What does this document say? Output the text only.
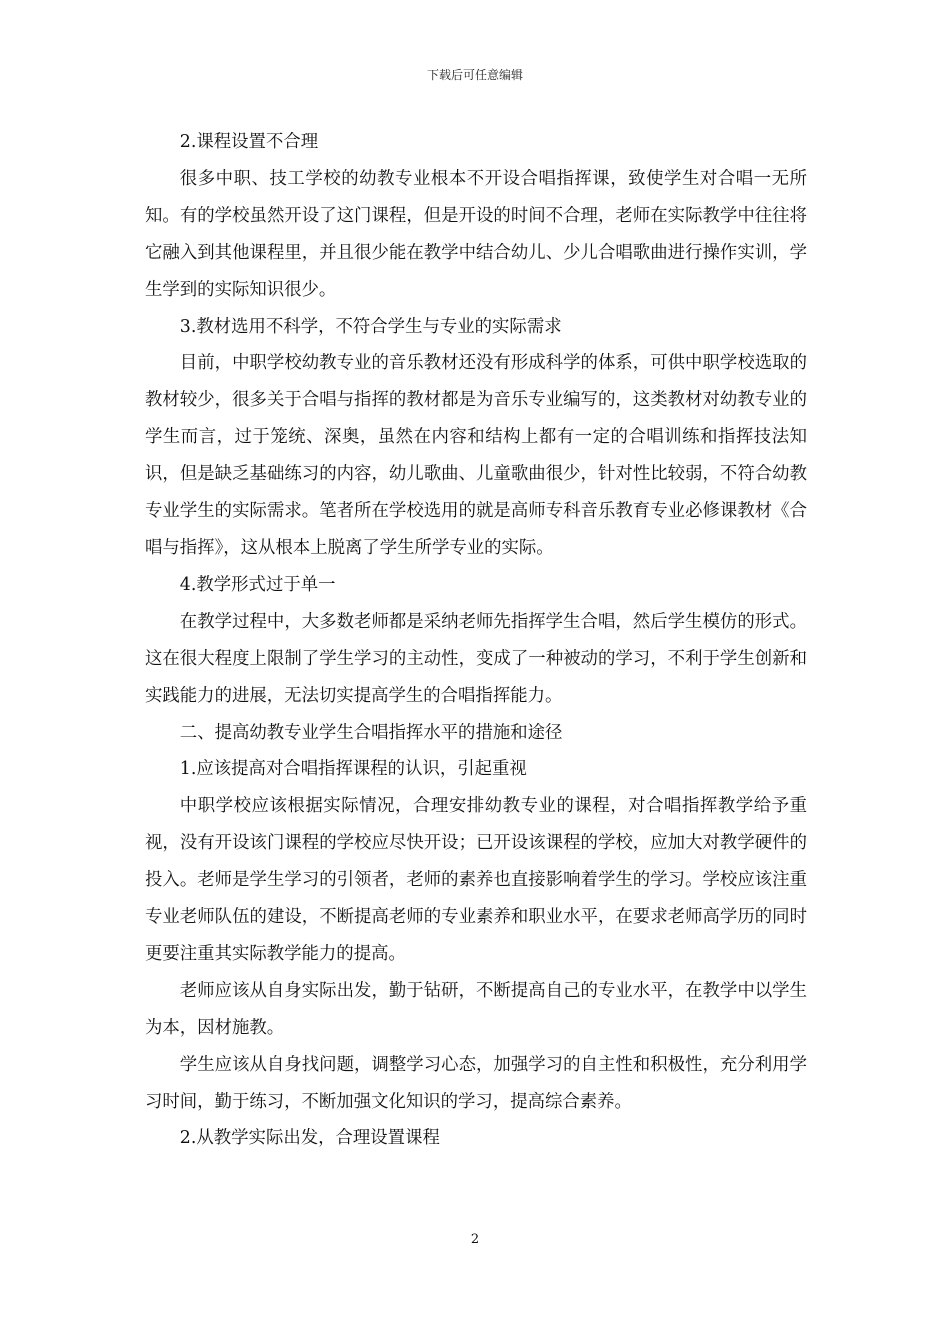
下载后可任意编辑

2.课程设置不合理

很多中职、技工学校的幼教专业根本不开设合唱指挥课，致使学生对合唱一无所知。有的学校虽然开设了这门课程，但是开设的时间不合理，老师在实际教学中往往将它融入到其他课程里，并且很少能在教学中结合幼儿、少儿合唱歌曲进行操作实训，学生学到的实际知识很少。

3.教材选用不科学，不符合学生与专业的实际需求

目前，中职学校幼教专业的音乐教材还没有形成科学的体系，可供中职学校选取的教材较少，很多关于合唱与指挥的教材都是为音乐专业编写的，这类教材对幼教专业的学生而言，过于笼统、深奥，虽然在内容和结构上都有一定的合唱训练和指挥技法知识，但是缺乏基础练习的内容，幼儿歌曲、儿童歌曲很少，针对性比较弱，不符合幼教专业学生的实际需求。笔者所在学校选用的就是高师专科音乐教育专业必修课教材《合唱与指挥》，这从根本上脱离了学生所学专业的实际。

4.教学形式过于单一

在教学过程中，大多数老师都是采纳老师先指挥学生合唱，然后学生模仿的形式。这在很大程度上限制了学生学习的主动性，变成了一种被动的学习，不利于学生创新和实践能力的进展，无法切实提高学生的合唱指挥能力。

二、提高幼教专业学生合唱指挥水平的措施和途径

1.应该提高对合唱指挥课程的认识，引起重视

中职学校应该根据实际情况，合理安排幼教专业的课程，对合唱指挥教学给予重视，没有开设该门课程的学校应尽快开设；已开设该课程的学校，应加大对教学硬件的投入。老师是学生学习的引领者，老师的素养也直接影响着学生的学习。学校应该注重专业老师队伍的建设，不断提高老师的专业素养和职业水平，在要求老师高学历的同时更要注重其实际教学能力的提高。

老师应该从自身实际出发，勤于钻研，不断提高自己的专业水平，在教学中以学生为本，因材施教。

学生应该从自身找问题，调整学习心态，加强学习的自主性和积极性，充分利用学习时间，勤于练习，不断加强文化知识的学习，提高综合素养。

2.从教学实际出发，合理设置课程

2
